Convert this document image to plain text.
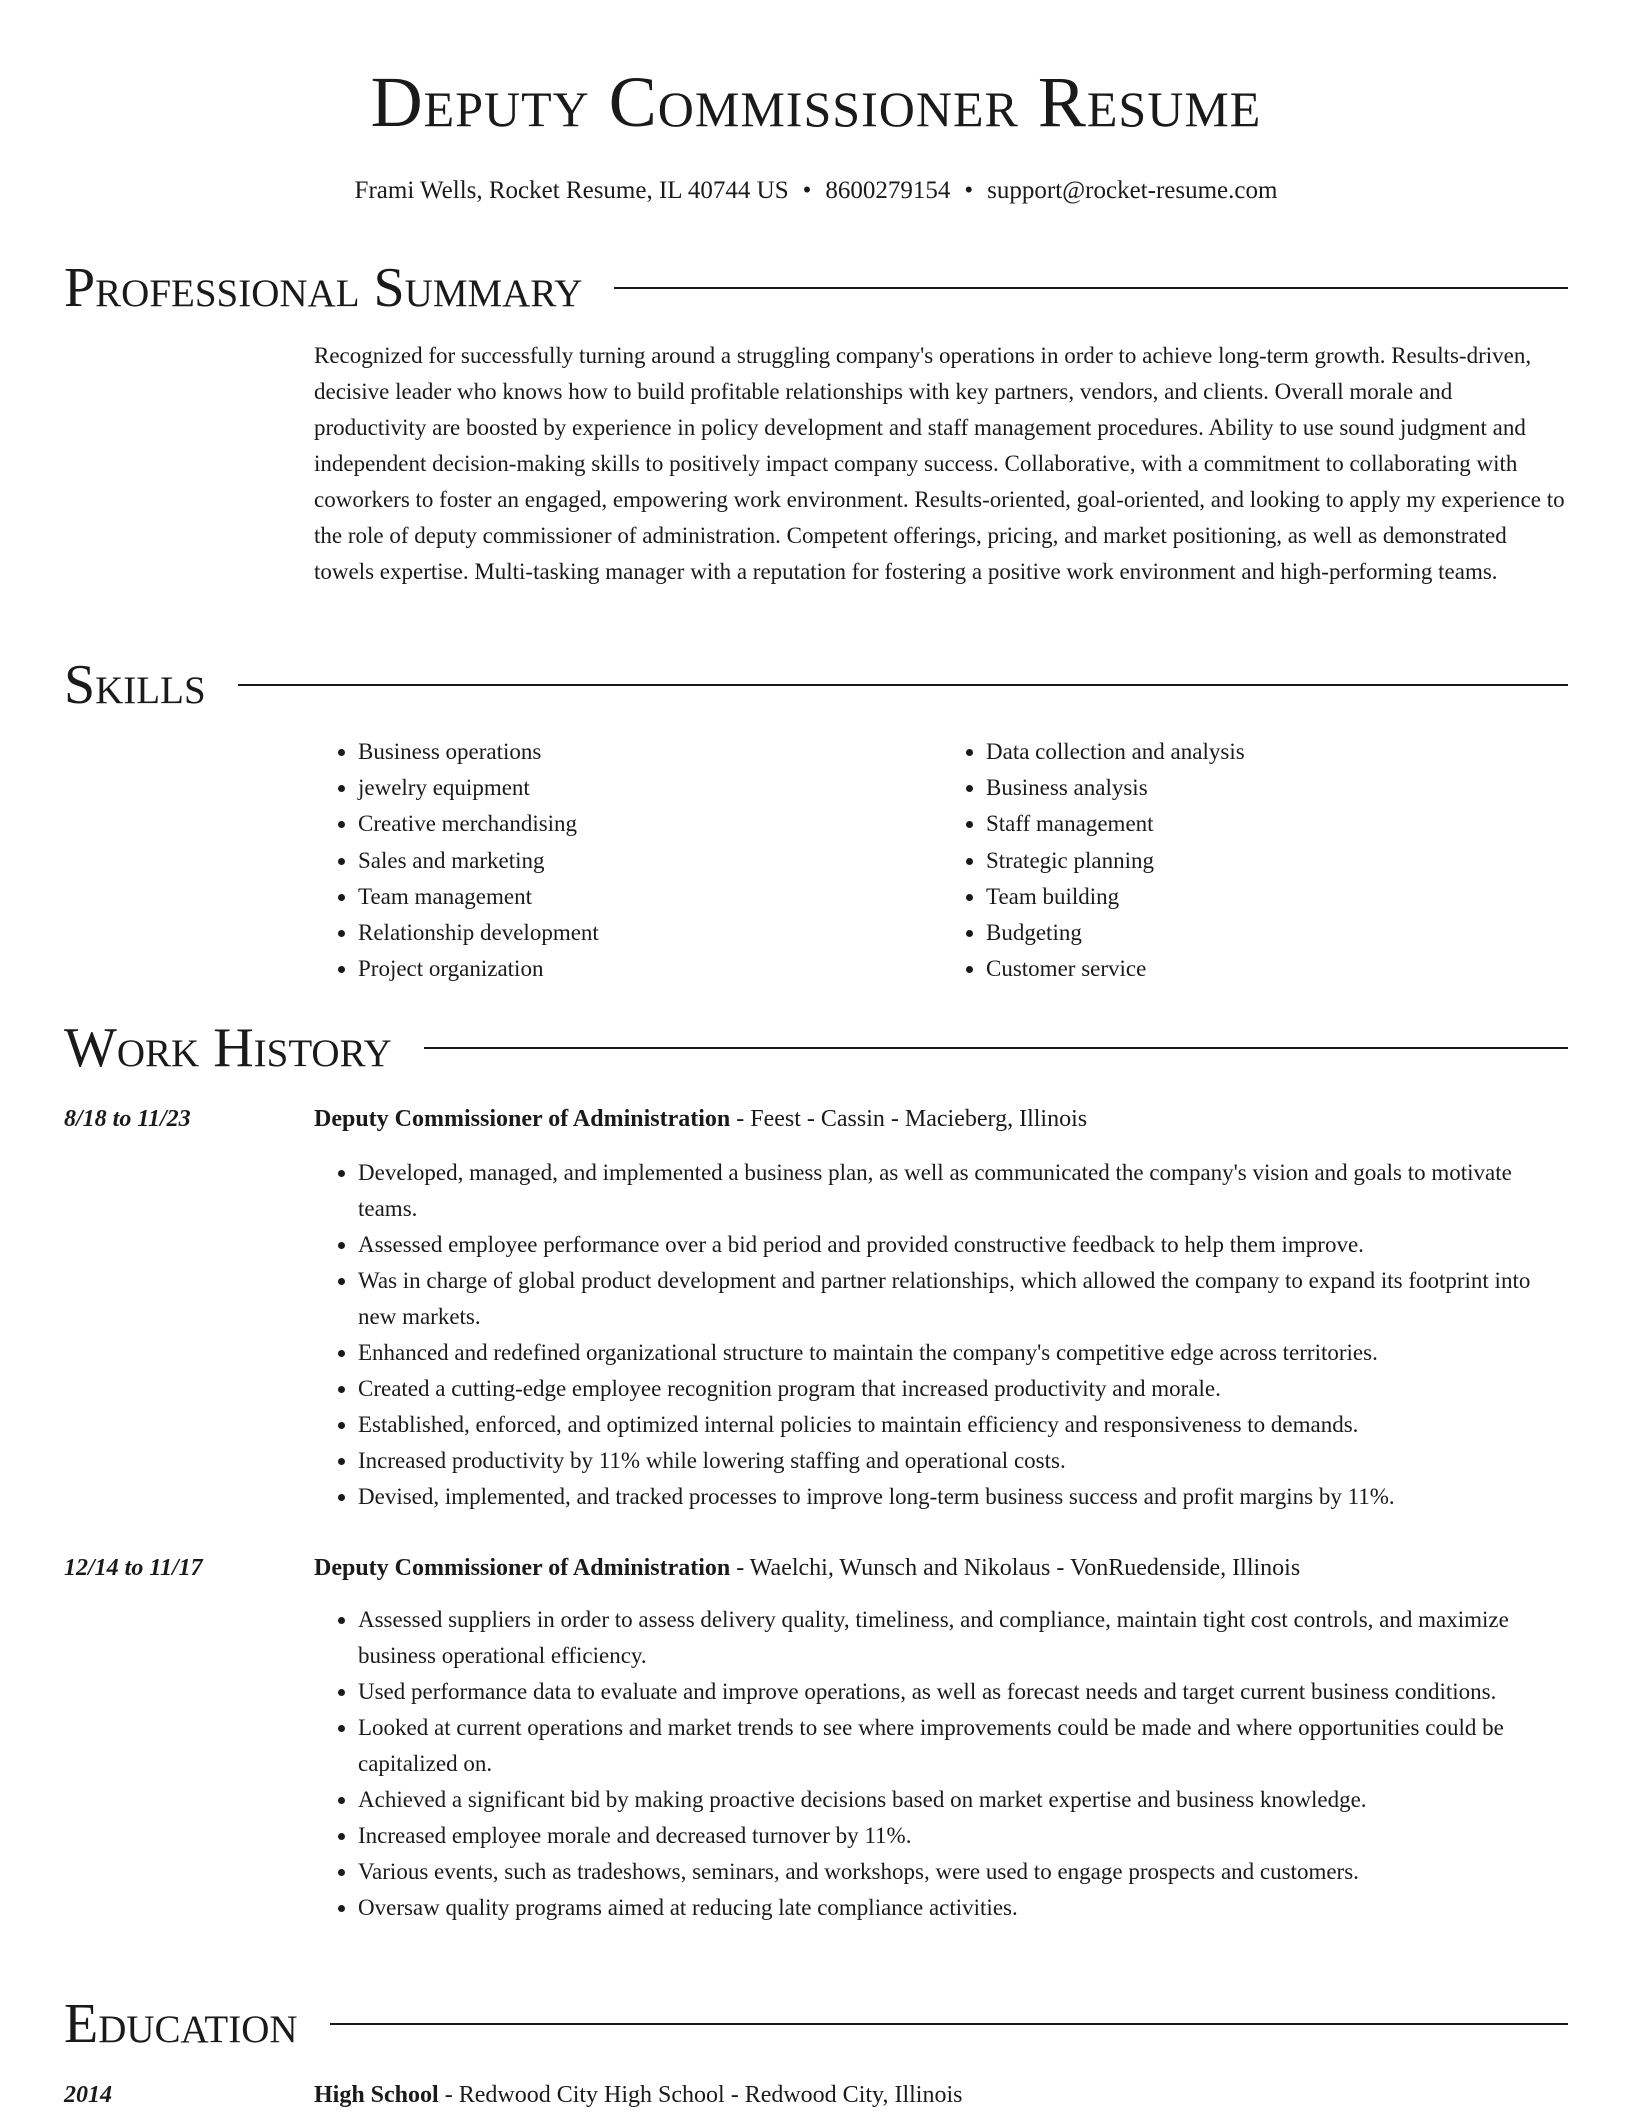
Deputy Commissioner Resume
Frami Wells, Rocket Resume, IL 40744 US • 8600279154 • support@rocket-resume.com
Professional Summary

Recognized for successfully turning around a struggling company's operations in order to achieve long-term growth. Results-driven, decisive leader who knows how to build profitable relationships with key partners, vendors, and clients. Overall morale and productivity are boosted by experience in policy development and staff management procedures. Ability to use sound judgment and independent decision-making skills to positively impact company success. Collaborative, with a commitment to collaborating with coworkers to foster an engaged, empowering work environment. Results-oriented, goal-oriented, and looking to apply my experience to the role of deputy commissioner of administration. Competent offerings, pricing, and market positioning, as well as demonstrated towels expertise. Multi-tasking manager with a reputation for fostering a positive work environment and high-performing teams.

Skills
• Business operations
• jewelry equipment
• Creative merchandising
• Sales and marketing
• Team management
• Relationship development
• Project organization
• Data collection and analysis
• Business analysis
• Staff management
• Strategic planning
• Team building
• Budgeting
• Customer service
Work History
8/18 to 11/23	Deputy Commissioner of Administration - Feest - Cassin - Macieberg, Illinois
• Developed, managed, and implemented a business plan, as well as communicated the company's vision and goals to motivate teams.
• Assessed employee performance over a bid period and provided constructive feedback to help them improve.
• Was in charge of global product development and partner relationships, which allowed the company to expand its footprint into new markets.
• Enhanced and redefined organizational structure to maintain the company's competitive edge across territories.
• Created a cutting-edge employee recognition program that increased productivity and morale.
• Established, enforced, and optimized internal policies to maintain efficiency and responsiveness to demands.
• Increased productivity by 11% while lowering staffing and operational costs.
• Devised, implemented, and tracked processes to improve long-term business success and profit margins by 11%.
12/14 to 11/17	Deputy Commissioner of Administration - Waelchi, Wunsch and Nikolaus - VonRuedenside, Illinois
• Assessed suppliers in order to assess delivery quality, timeliness, and compliance, maintain tight cost controls, and maximize business operational efficiency.
• Used performance data to evaluate and improve operations, as well as forecast needs and target current business conditions.
• Looked at current operations and market trends to see where improvements could be made and where opportunities could be capitalized on.
• Achieved a significant bid by making proactive decisions based on market expertise and business knowledge.
• Increased employee morale and decreased turnover by 11%.
• Various events, such as tradeshows, seminars, and workshops, were used to engage prospects and customers.
• Oversaw quality programs aimed at reducing late compliance activities.
Education
2014	High School - Redwood City High School - Redwood City, Illinois
